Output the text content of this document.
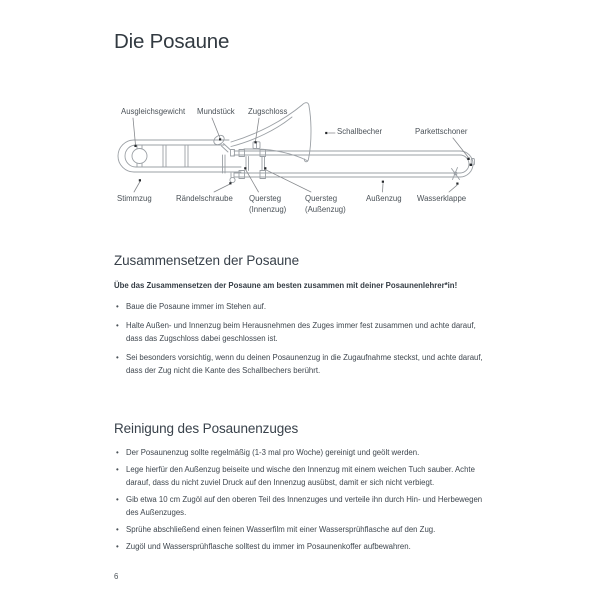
Die Posaune
Ausgleichsgewicht Mundstück Zugschloss
Schallbecher	Parkettschoner
Stimmzug	Rändelschraube Quersteg
(Innenzug)
Quersteg
(Außenzug)
Außenzug Wasserklappe
Zusammensetzen der Posaune

Übe das Zusammensetzen der Posaune am besten zusammen mit deiner Posaunenlehrer*in!

• Baue die Posaune immer im Stehen auf.
• Halte Außen- und Innenzug beim Herausnehmen des Zuges immer fest zusammen und achte darauf, dass das Zugschloss dabei geschlossen ist.
• Sei besonders vorsichtig, wenn du deinen Posaunenzug in die Zugaufnahme steckst, und achte darauf, dass der Zug nicht die Kante des Schallbechers berührt.
Reinigung des Posaunenzuges
• Der Posaunenzug sollte regelmäßig (1-3 mal pro Woche) gereinigt und geölt werden.
• Lege hierfür den Außenzug beiseite und wische den Innenzug mit einem weichen Tuch sauber. Achte darauf, dass du nicht zuviel Druck auf den Innenzug ausübst, damit er sich nicht verbiegt.
• Gib etwa 10 cm Zugöl auf den oberen Teil des Innenzuges und verteile ihn durch Hin- und Herbewegen des Außenzuges.
• Sprühe abschließend einen feinen Wasserfilm mit einer Wassersprühflasche auf den Zug.
• Zugöl und Wassersprühflasche solltest du immer im Posaunenkoffer aufbewahren.
6
